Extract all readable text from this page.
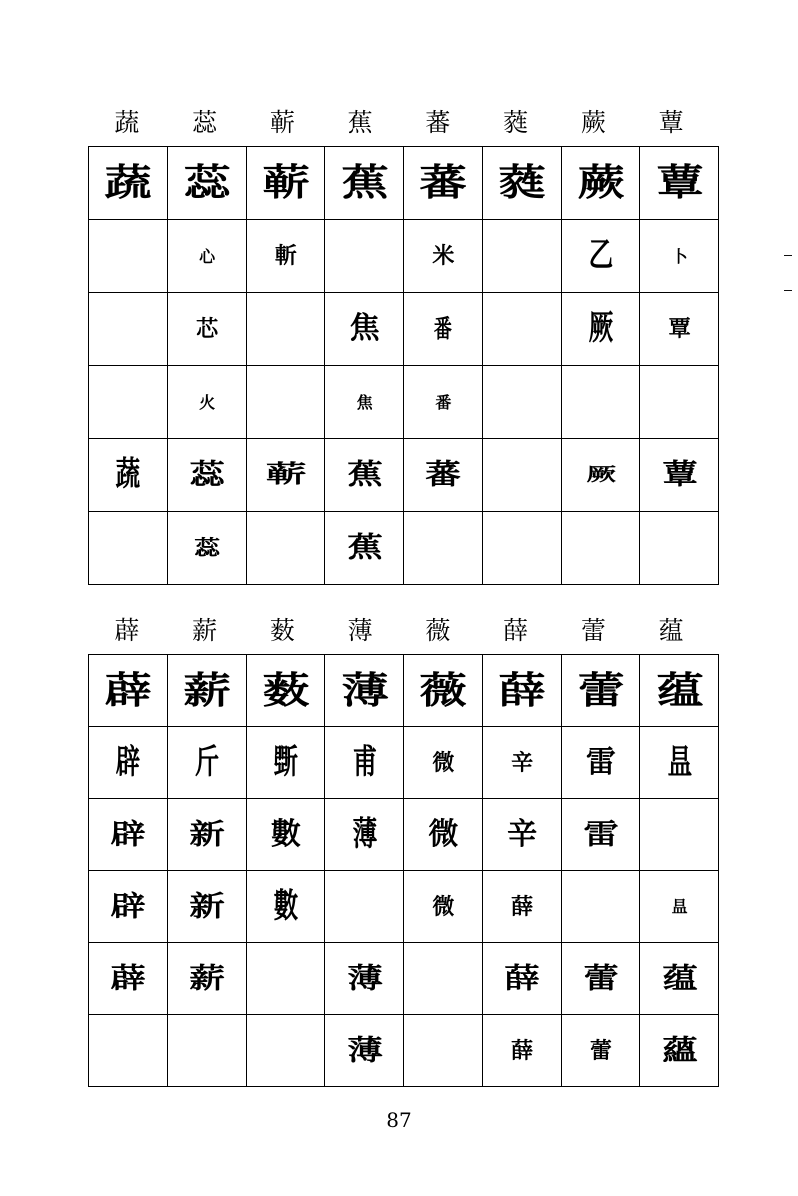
蔬	蕊	蕲	蕉	蕃	蕤	蕨	蕈
蔬	蕊	蕲	蕉	蕃	蕤	蕨	蕈
	心	斬		米		乙	卜
	芯		焦	番		厥	覃
	火		焦	番			
蔬	蕊	蕲	蕉	蕃		厥	蕈
	蕊		蕉				
薜	薪	薮	薄	薇	薛	蕾	蕴
薜	薪	薮	薄	薇	薛	蕾	蕴
辟	斤	斲	甫	微	辛	雷	昷
辟	新	數	薄	微	辛	雷	
辟	新	數		微	薛		昷
薜	薪		薄		薛	蕾	蕴
			薄		薛	蕾	蘊
87
